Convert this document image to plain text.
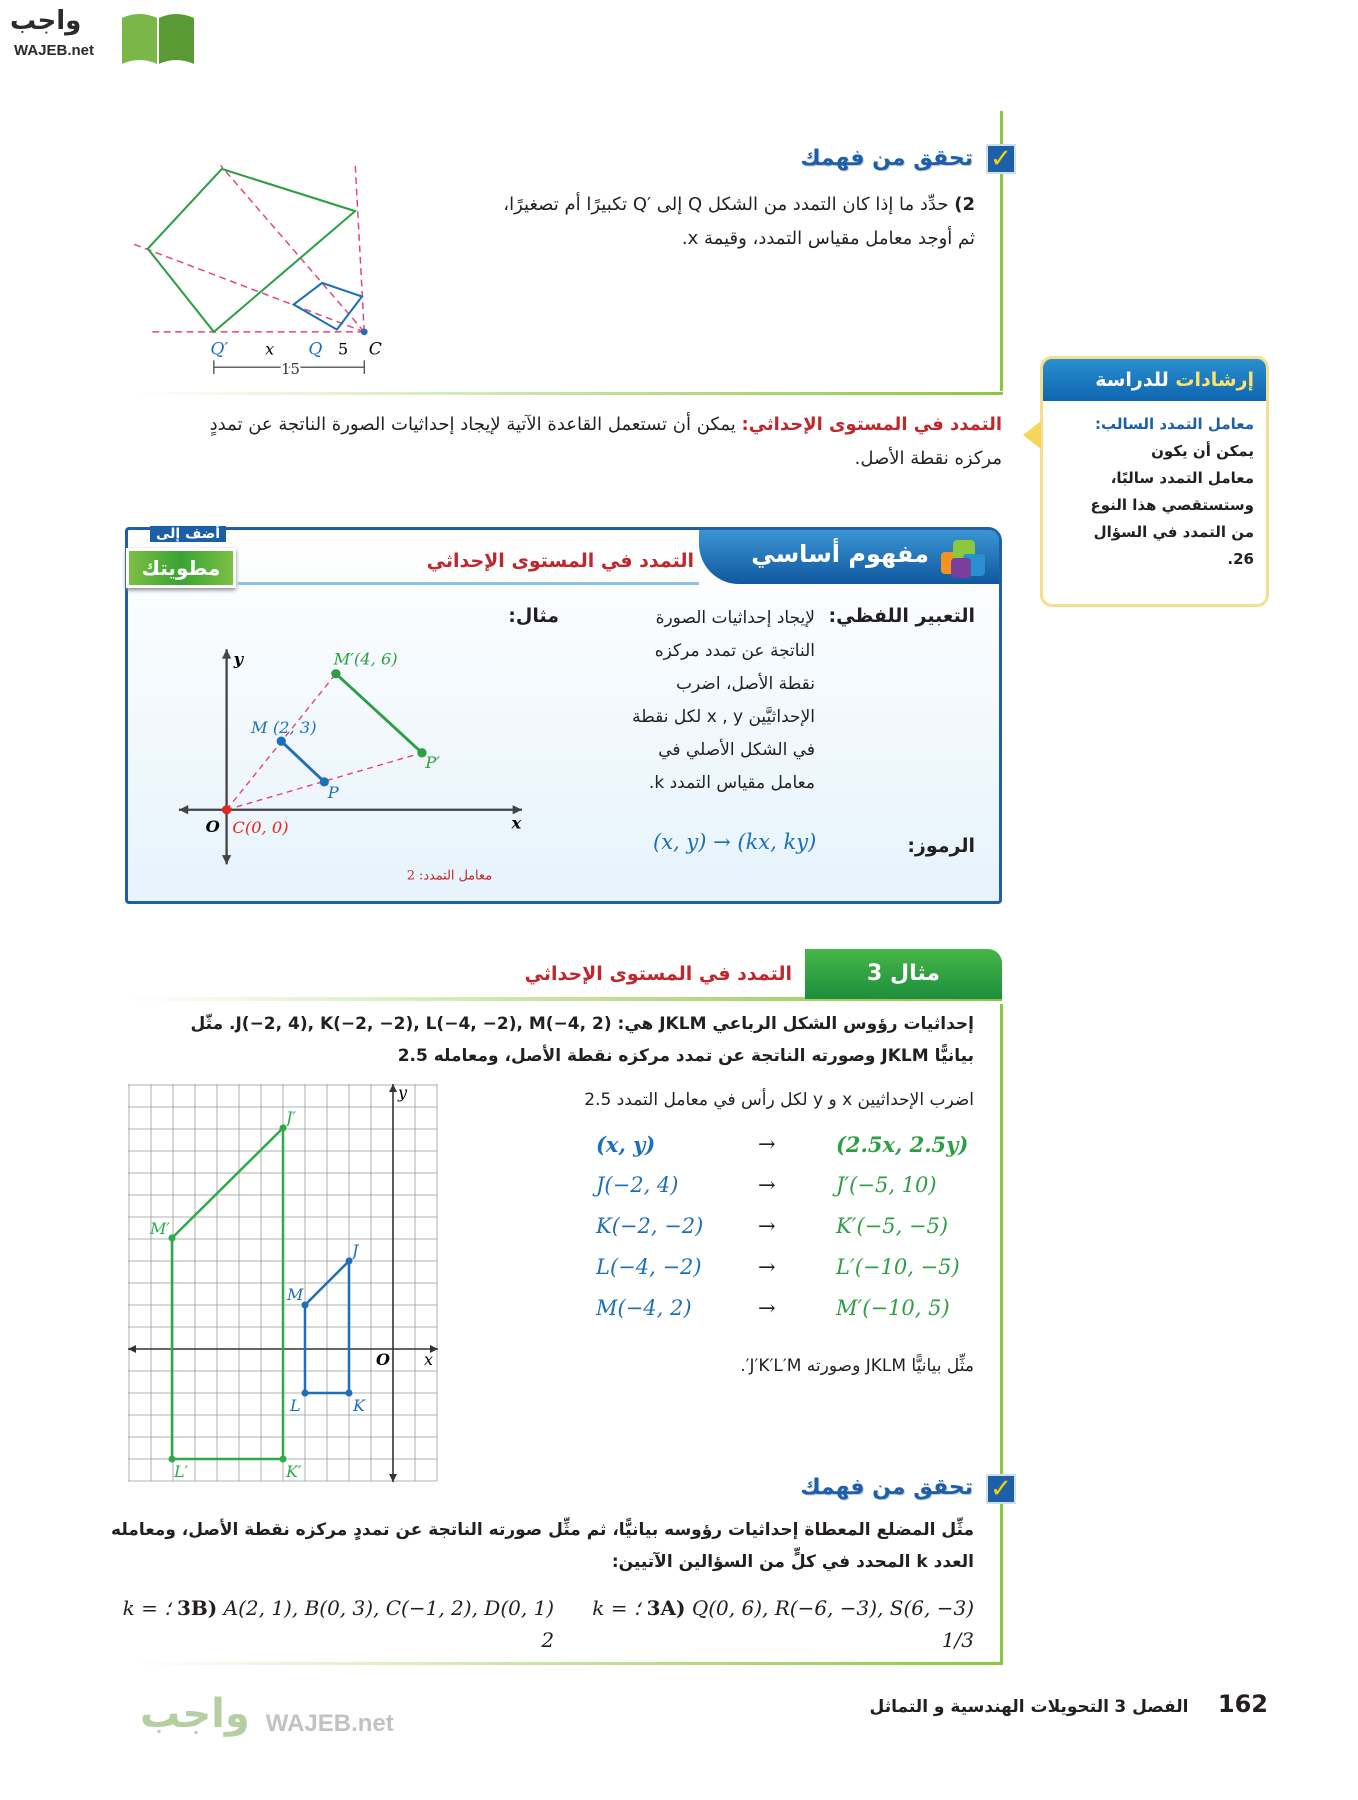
واجب
WAJEB.net
✓
تحقق من فهمك
2) حدِّد ما إذا كان التمدد من الشكل Q إلى ′Q تكبيرًا أم تصغيرًا،
ثم أوجد معامل مقياس التمدد، وقيمة x.
Q′	x Q 5 C
15	إرشادات للدراسة
معامل التمدد السالب:
يمكن أن يكون
معامل التمدد سالبًا،
وستستقصي هذا النوع
من التمدد في السؤال
26.
التمدد في المستوى الإحداثي: يمكن أن تستعمل القاعدة الآتية لإيجاد إحداثيات الصورة الناتجة عن تمددٍ
مركزه نقطة الأصل.
مفهوم أساسي
التمدد في المستوى الإحداثي
أضف إلى
مطويتك
التعبير اللفظي:
لإيجاد إحداثيات الصورة
الناتجة عن تمدد مركزه
نقطة الأصل، اضرب
الإحداثيَّين x , y لكل نقطة
في الشكل الأصلي في
معامل مقياس التمدد k.
مثال:
الرموز:
(x, y) → (kx, ky)
y
x
O C(0, 0)
M (2, 3)
P
M′(4, 6)
P′
معامل التمدد: 2
مثال 3
التمدد في المستوى الإحداثي
إحداثيات رؤوس الشكل الرباعي JKLM هي: J(−2, 4), K(−2, −2), L(−4, −2), M(−4, 2). مثّل
بيانيًّا JKLM وصورته الناتجة عن تمدد مركزه نقطة الأصل، ومعامله 2.5
اضرب الإحداثيين x و y لكل رأس في معامل التمدد 2.5
(x, y)	→	(2.5x, 2.5y)
J(−2, 4)	→	J′(−5, 10)
K(−2, −2)	→	K′(−5, −5)
L(−4, −2)	→	L′(−10, −5)
M(−4, 2)	→	M′(−10, 5)
مثِّل بيانيًّا JKLM وصورته J′K′L′M′.
y
x
O
J
K
L
M
J′
K′
L′
M′
✓
تحقق من فهمك
مثِّل المضلع المعطاة إحداثيات رؤوسه بيانيًّا، ثم مثِّل صورته الناتجة عن تمددٍ مركزه نقطة الأصل، ومعامله
العدد k المحدد في كلٍّ من السؤالين الآتيين:
3A) Q(0, 6), R(−6, −3), S(6, −3) ؛ k = 1/3
3B) A(2, 1), B(0, 3), C(−1, 2), D(0, 1) ؛ k = 2
واجب WAJEB.net
162 الفصل 3 التحويلات الهندسية و التماثل
